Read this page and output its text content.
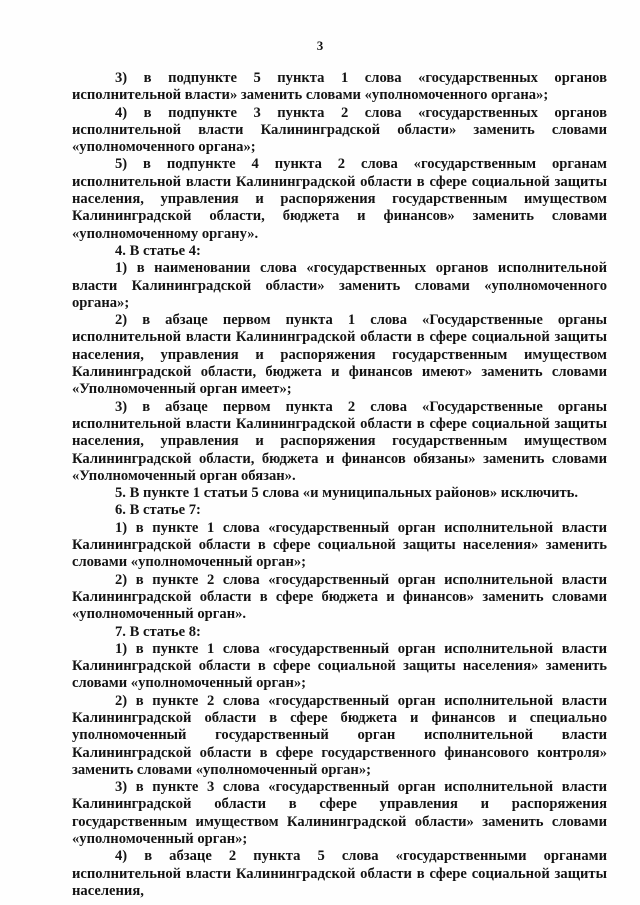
3

3) в подпункте 5 пункта 1 слова «государственных органов исполнительной власти» заменить словами «уполномоченного органа»;

4) в подпункте 3 пункта 2 слова «государственных органов исполнительной власти Калининградской области» заменить словами «уполномоченного органа»;

5) в подпункте 4 пункта 2 слова «государственным органам исполнительной власти Калининградской области в сфере социальной защиты населения, управления и распоряжения государственным имуществом Калининградской области, бюджета и финансов» заменить словами «уполномоченному органу».

4. В статье 4:

1) в наименовании слова «государственных органов исполнительной власти Калининградской области» заменить словами «уполномоченного органа»;

2) в абзаце первом пункта 1 слова «Государственные органы исполнительной власти Калининградской области в сфере социальной защиты населения, управления и распоряжения государственным имуществом Калининградской области, бюджета и финансов имеют» заменить словами «Уполномоченный орган имеет»;

3) в абзаце первом пункта 2 слова «Государственные органы исполнительной власти Калининградской области в сфере социальной защиты населения, управления и распоряжения государственным имуществом Калининградской области, бюджета и финансов обязаны» заменить словами «Уполномоченный орган обязан».

5. В пункте 1 статьи 5 слова «и муниципальных районов» исключить.

6. В статье 7:

1) в пункте 1 слова «государственный орган исполнительной власти Калининградской области в сфере социальной защиты населения» заменить словами «уполномоченный орган»;

2) в пункте 2 слова «государственный орган исполнительной власти Калининградской области в сфере бюджета и финансов» заменить словами «уполномоченный орган».

7. В статье 8:

1) в пункте 1 слова «государственный орган исполнительной власти Калининградской области в сфере социальной защиты населения» заменить словами «уполномоченный орган»;

2) в пункте 2 слова «государственный орган исполнительной власти Калининградской области в сфере бюджета и финансов и специально уполномоченный государственный орган исполнительной власти Калининградской области в сфере государственного финансового контроля» заменить словами «уполномоченный орган»;

3) в пункте 3 слова «государственный орган исполнительной власти Калининградской области в сфере управления и распоряжения государственным имуществом Калининградской области» заменить словами «уполномоченный орган»;

4) в абзаце 2 пункта 5 слова «государственными органами исполнительной власти Калининградской области в сфере социальной защиты населения,
